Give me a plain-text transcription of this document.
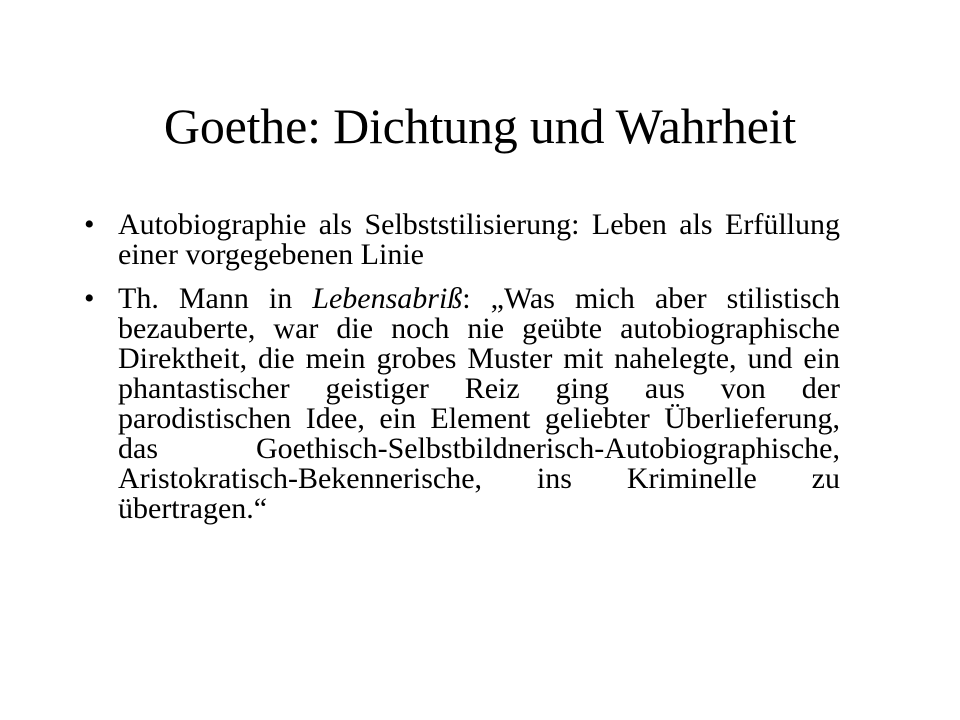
Goethe: Dichtung und Wahrheit
• Autobiographie als Selbststilisierung: Leben als Erfüllung einer vorgegebenen Linie
• Th. Mann in Lebensabriß: „Was mich aber stilistisch bezauberte, war die noch nie geübte autobiographische Direktheit, die mein grobes Muster mit nahelegte, und ein phantastischer geistiger Reiz ging aus von der parodistischen Idee, ein Element geliebter Überlieferung, das Goethisch-Selbstbildnerisch-Autobiographische, Aristokratisch-Bekennerische, ins Kriminelle zu übertragen.“
